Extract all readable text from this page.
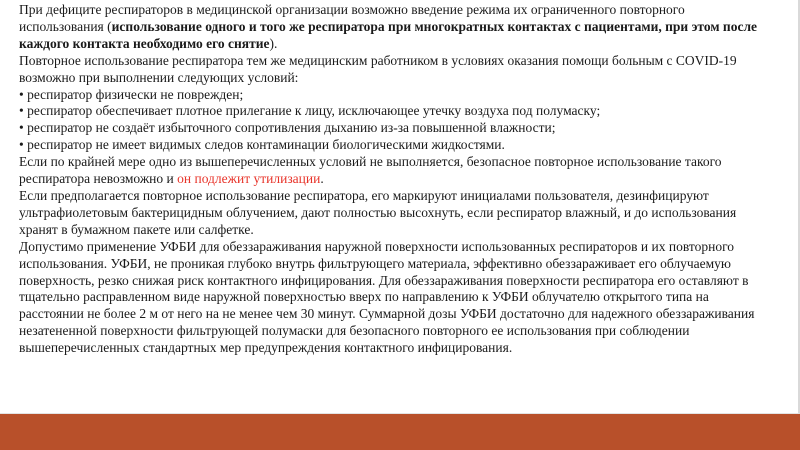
При дефиците респираторов в медицинской организации возможно введение режима их ограниченного повторного использования (использование одного и того же респиратора при многократных контактах с пациентами, при этом после каждого контакта необходимо его снятие).

Повторное использование респиратора тем же медицинским работником в условиях оказания помощи больным с COVID-19 возможно при выполнении следующих условий:

• респиратор физически не поврежден;

• респиратор обеспечивает плотное прилегание к лицу, исключающее утечку воздуха под полумаску;

• респиратор не создаёт избыточного сопротивления дыханию из-за повышенной влажности;

• респиратор не имеет видимых следов контаминации биологическими жидкостями.

Если по крайней мере одно из вышеперечисленных условий не выполняется, безопасное повторное использование такого респиратора невозможно и он подлежит утилизации.

Если предполагается повторное использование респиратора, его маркируют инициалами пользователя, дезинфицируют ультрафиолетовым бактерицидным облучением, дают полностью высохнуть, если респиратор влажный, и до использования хранят в бумажном пакете или салфетке.

Допустимо применение УФБИ для обеззараживания наружной поверхности использованных респираторов и их повторного использования. УФБИ, не проникая глубоко внутрь фильтрующего материала, эффективно обеззараживает его облучаемую поверхность, резко снижая риск контактного инфицирования. Для обеззараживания поверхности респиратора его оставляют в тщательно расправленном виде наружной поверхностью вверх по направлению к УФБИ облучателю открытого типа на расстоянии не более 2 м от него на не менее чем 30 минут. Суммарной дозы УФБИ достаточно для надежного обеззараживания незатененной поверхности фильтрующей полумаски для безопасного повторного ее использования при соблюдении вышеперечисленных стандартных мер предупреждения контактного инфицирования.
